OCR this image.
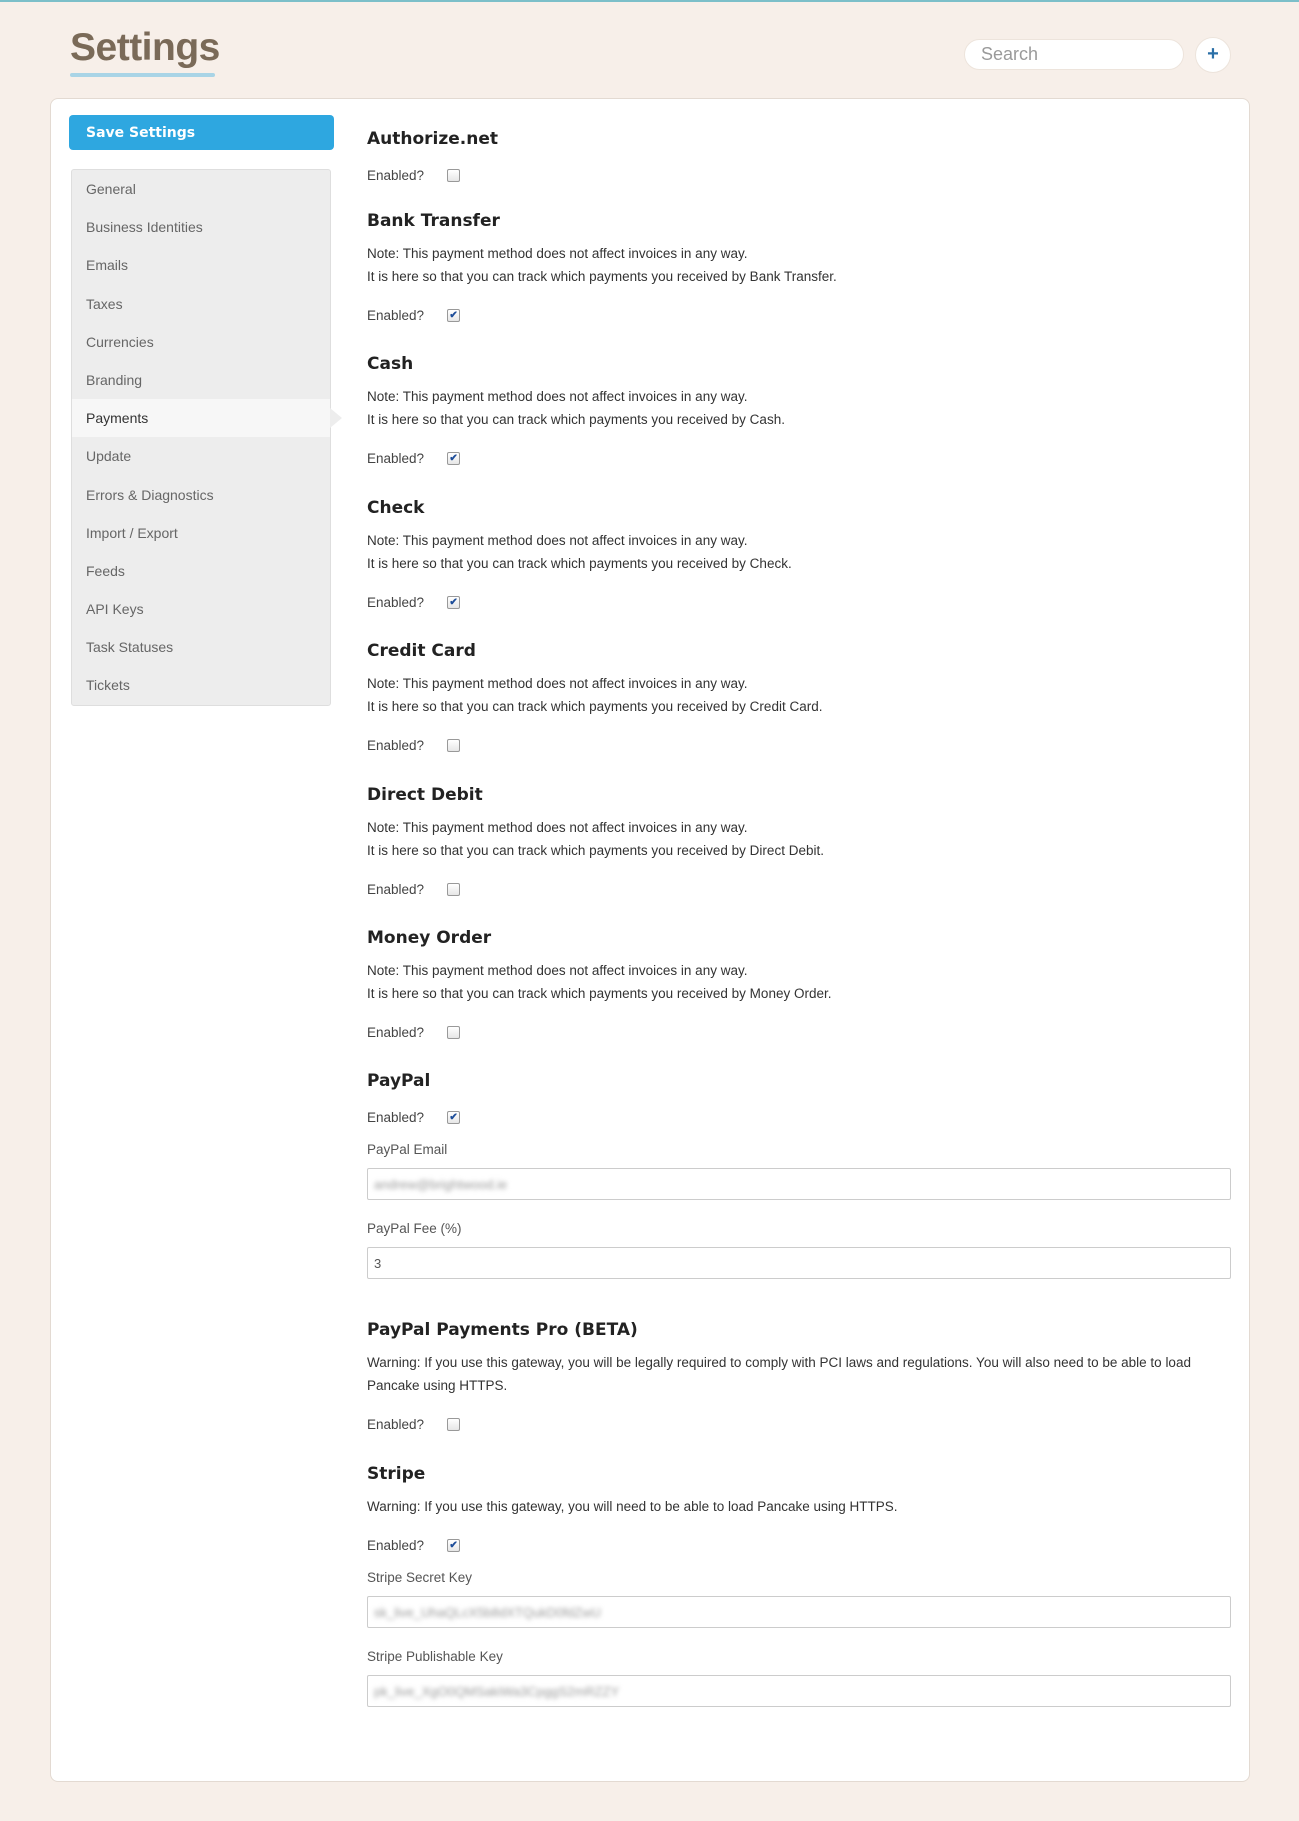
Settings
Search	+
Save Settings
General
Business Identities
Emails
Taxes
Currencies
Branding
Payments
Update
Errors & Diagnostics
Import / Export
Feeds
API Keys
Task Statuses
Tickets
Authorize.net
Enabled?
Bank Transfer
Note: This payment method does not affect invoices in any way.
It is here so that you can track which payments you received by Bank Transfer.
Enabled?	✔
Cash
Note: This payment method does not affect invoices in any way.
It is here so that you can track which payments you received by Cash.
Enabled?	✔
Check
Note: This payment method does not affect invoices in any way.
It is here so that you can track which payments you received by Check.
Enabled?	✔
Credit Card
Note: This payment method does not affect invoices in any way.
It is here so that you can track which payments you received by Credit Card.
Enabled?
Direct Debit
Note: This payment method does not affect invoices in any way.
It is here so that you can track which payments you received by Direct Debit.
Enabled?
Money Order
Note: This payment method does not affect invoices in any way.
It is here so that you can track which payments you received by Money Order.
Enabled?
PayPal
Enabled?	✔
PayPal Email
andrew@brightwood.ie
PayPal Fee (%)
3
PayPal Payments Pro (BETA)
Warning: If you use this gateway, you will be legally required to comply with PCI laws and regulations. You will also need to be able to load Pancake using HTTPS.
Enabled?
Stripe
Warning: If you use this gateway, you will need to be able to load Pancake using HTTPS.
Enabled?	✔
Stripe Secret Key
sk_live_UhaQLcX5b8dXTQukD0fdZwU
Stripe Publishable Key
pk_live_XgO0QMSakiWa3CpggS2mRZZY
